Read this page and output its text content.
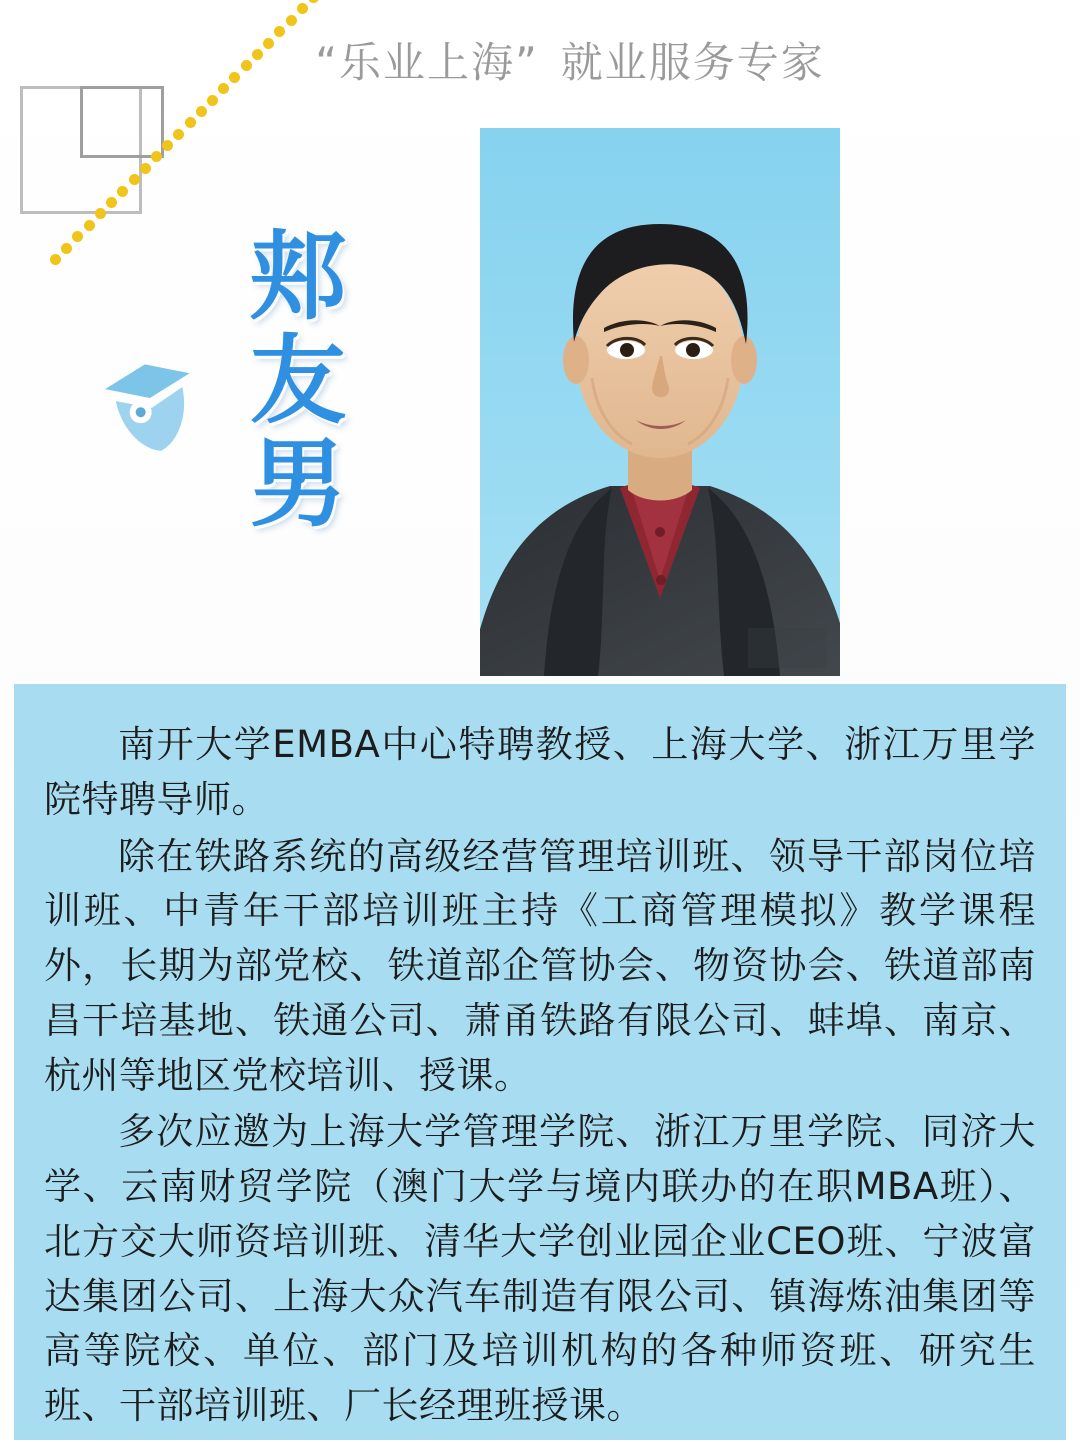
“乐业上海” 就业服务专家
郏
友
男

南开大学EMBA中心特聘教授、上海大学、浙江万里学院特聘导师。

除在铁路系统的高级经营管理培训班、领导干部岗位培训班、中青年干部培训班主持《工商管理模拟》教学课程外，长期为部党校、铁道部企管协会、物资协会、铁道部南昌干培基地、铁通公司、萧甬铁路有限公司、蚌埠、南京、杭州等地区党校培训、授课。

多次应邀为上海大学管理学院、浙江万里学院、同济大学、云南财贸学院（澳门大学与境内联办的在职MBA班）、北方交大师资培训班、清华大学创业园企业CEO班、宁波富达集团公司、上海大众汽车制造有限公司、镇海炼油集团等高等院校、单位、部门及培训机构的各种师资班、研究生班、干部培训班、厂长经理班授课。
